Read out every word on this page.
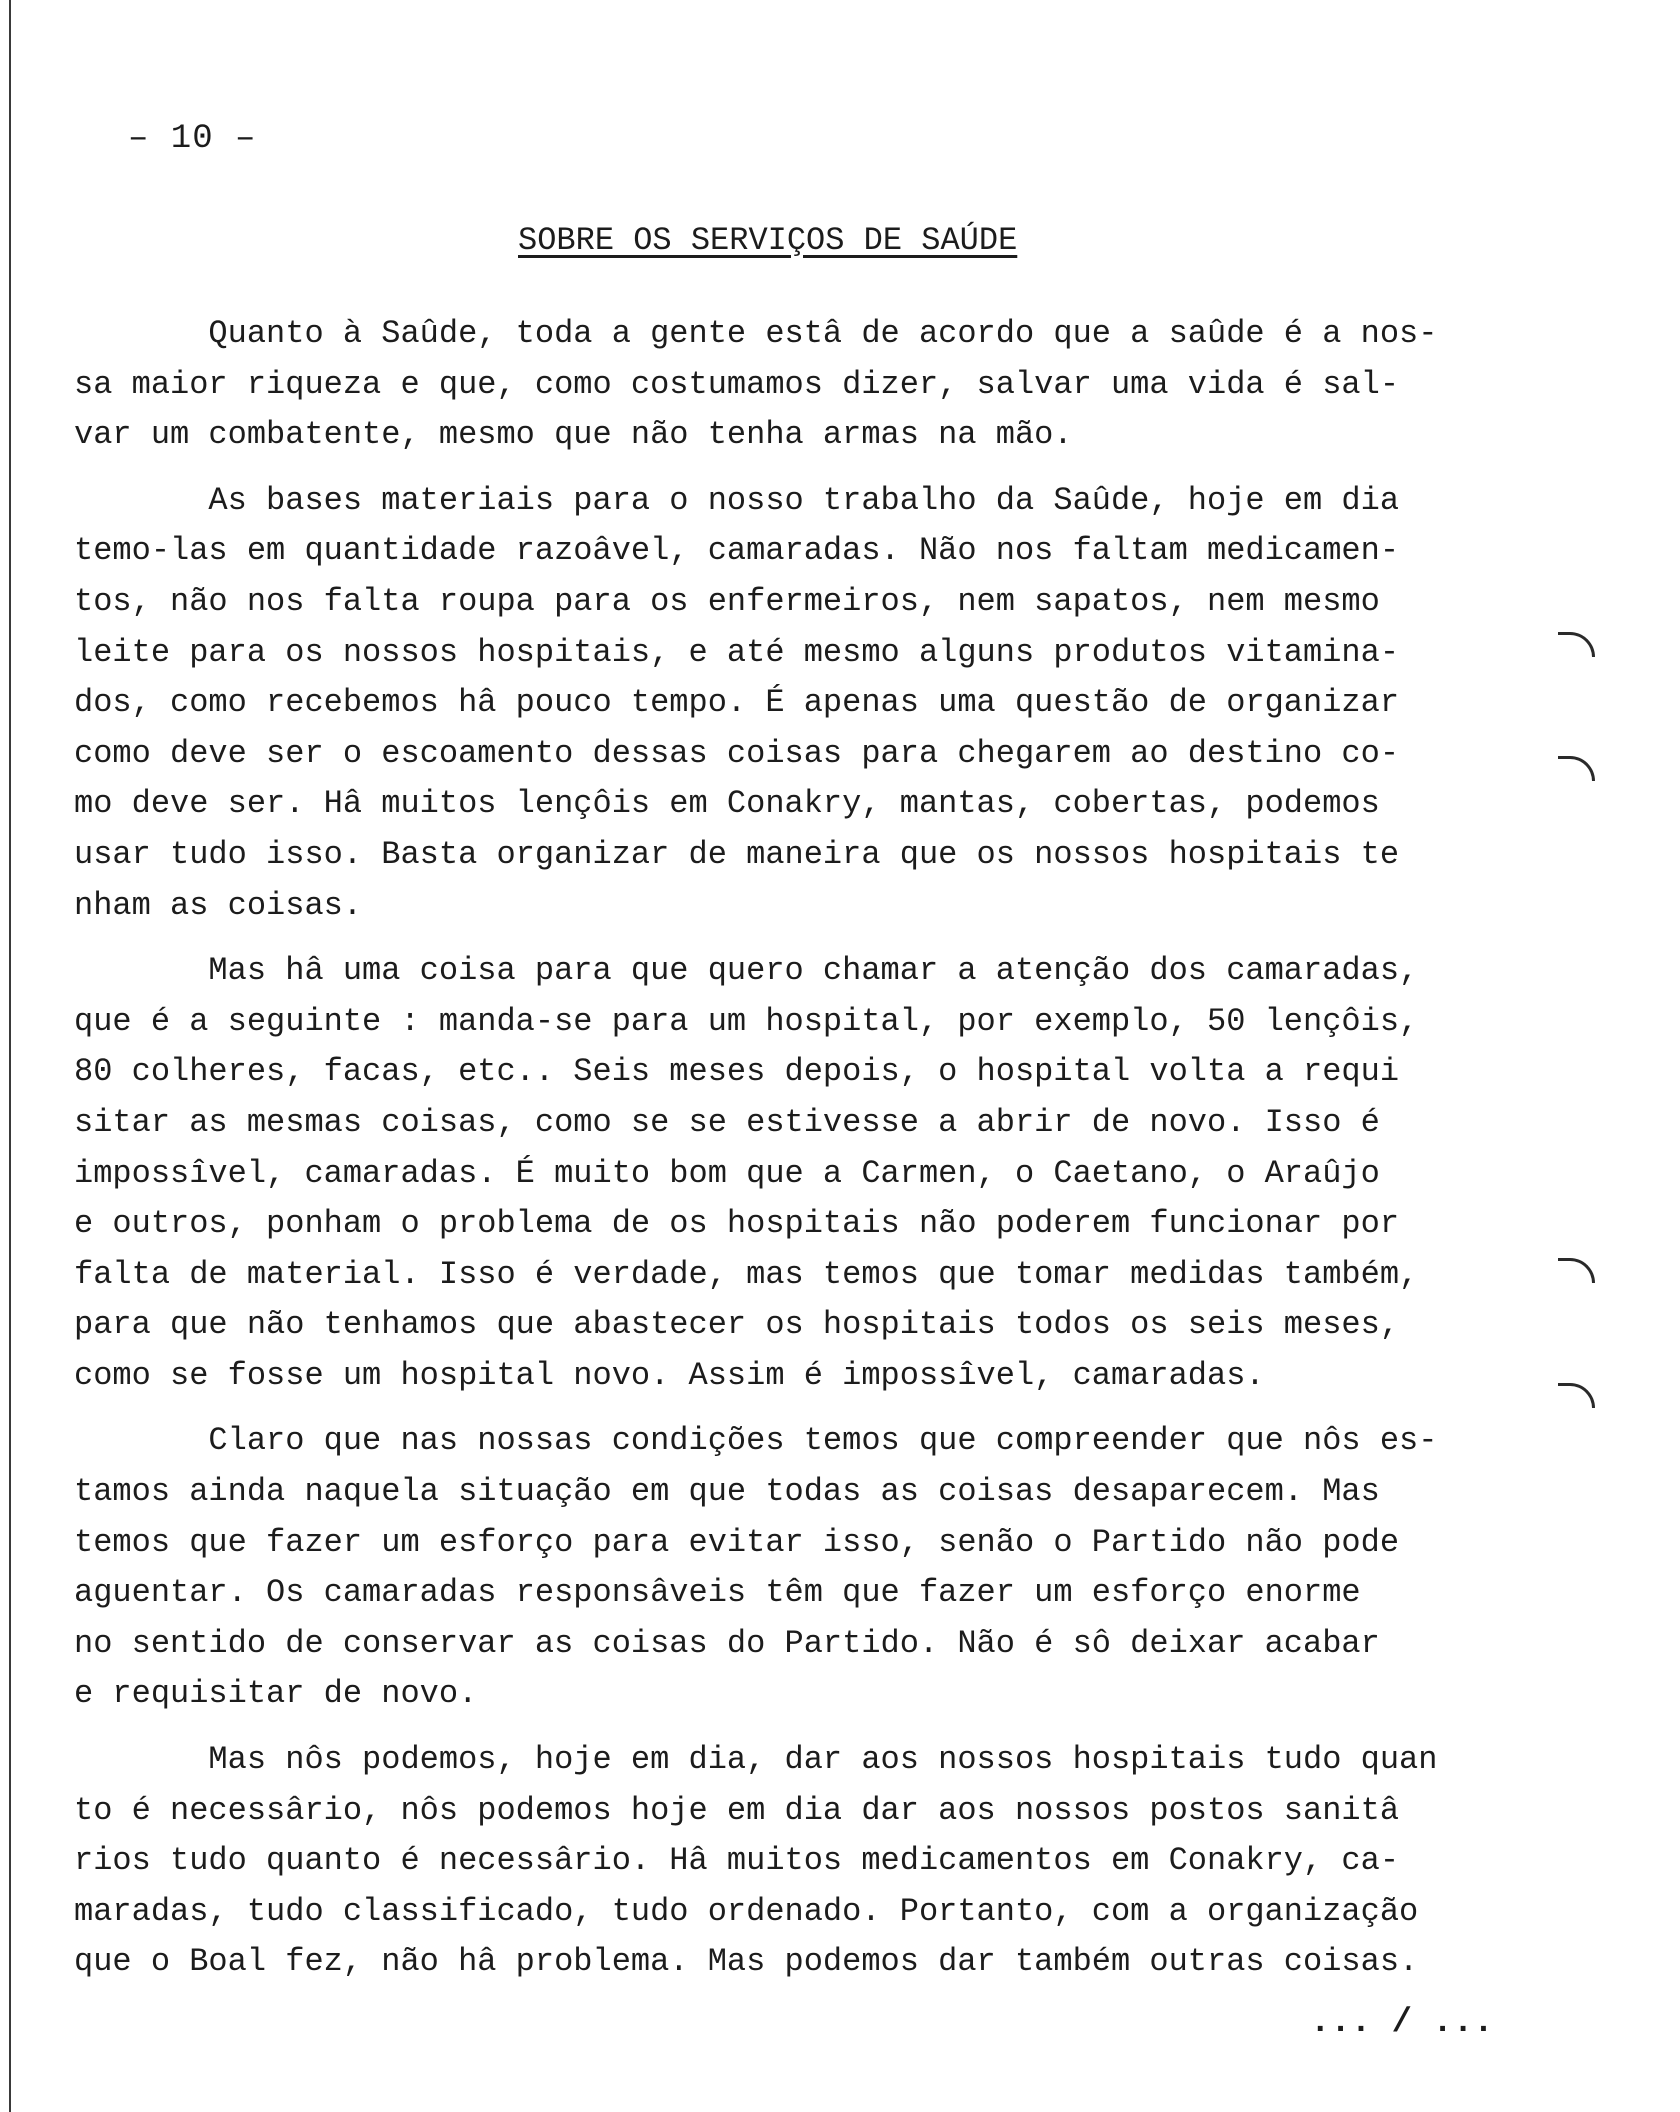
– 10 –
SOBRE OS SERVIÇOS DE SAÚDE
Quanto à Saûde, toda a gente estâ de acordo que a saûde é a nos-
sa maior riqueza e que, como costumamos dizer, salvar uma vida é sal-
var um combatente, mesmo que não tenha armas na mão.
As bases materiais para o nosso trabalho da Saûde, hoje em dia
temo-las em quantidade razoâvel, camaradas. Não nos faltam medicamen-
tos, não nos falta roupa para os enfermeiros, nem sapatos, nem mesmo
leite para os nossos hospitais, e até mesmo alguns produtos vitamina-
dos, como recebemos hâ pouco tempo. É apenas uma questão de organizar
como deve ser o escoamento dessas coisas para chegarem ao destino co-
mo deve ser. Hâ muitos lençôis em Conakry, mantas, cobertas, podemos
usar tudo isso. Basta organizar de maneira que os nossos hospitais te
nham as coisas.
Mas hâ uma coisa para que quero chamar a atenção dos camaradas,
que é a seguinte : manda-se para um hospital, por exemplo, 50 lençôis,
80 colheres, facas, etc.. Seis meses depois, o hospital volta a requi
sitar as mesmas coisas, como se se estivesse a abrir de novo. Isso é
impossîvel, camaradas. É muito bom que a Carmen, o Caetano, o Araûjo
e outros, ponham o problema de os hospitais não poderem funcionar por
falta de material. Isso é verdade, mas temos que tomar medidas também,
para que não tenhamos que abastecer os hospitais todos os seis meses,
como se fosse um hospital novo. Assim é impossîvel, camaradas.
Claro que nas nossas condições temos que compreender que nôs es-
tamos ainda naquela situação em que todas as coisas desaparecem. Mas
temos que fazer um esforço para evitar isso, senão o Partido não pode
aguentar. Os camaradas responsâveis têm que fazer um esforço enorme
no sentido de conservar as coisas do Partido. Não é sô deixar acabar
e requisitar de novo.
Mas nôs podemos, hoje em dia, dar aos nossos hospitais tudo quan
to é necessârio, nôs podemos hoje em dia dar aos nossos postos sanitâ
rios tudo quanto é necessârio. Hâ muitos medicamentos em Conakry, ca-
maradas, tudo classificado, tudo ordenado. Portanto, com a organização
que o Boal fez, não hâ problema. Mas podemos dar também outras coisas.
... / ...
